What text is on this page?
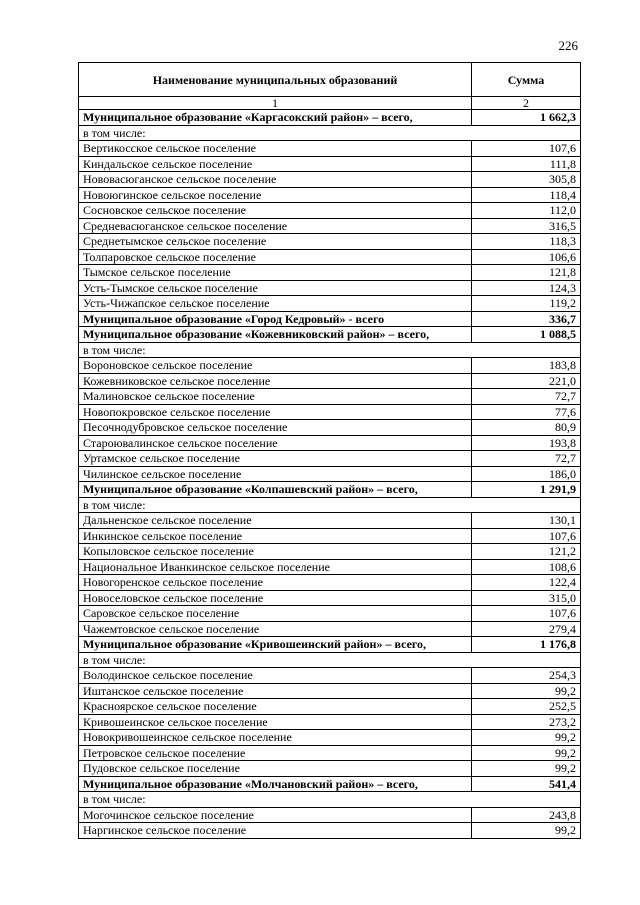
226
Наименование муниципальных образований	Сумма
1	2
Муниципальное образование «Каргасокский район» – всего,	1 662,3
в том числе:	
Вертикосское сельское поселение	107,6
Киндальское сельское поселение	111,8
Нововасюганское сельское поселение	305,8
Новоюгинское сельское поселение	118,4
Сосновское сельское поселение	112,0
Средневасюганское сельское поселение	316,5
Среднетымское сельское поселение	118,3
Толпаровское сельское поселение	106,6
Тымское сельское поселение	121,8
Усть-Тымское сельское поселение	124,3
Усть-Чижапское сельское поселение	119,2
Муниципальное образование «Город Кедровый» - всего	336,7
Муниципальное образование «Кожевниковский район» – всего,	1 088,5
в том числе:	
Вороновское сельское поселение	183,8
Кожевниковское сельское поселение	221,0
Малиновское сельское поселение	72,7
Новопокровское сельское поселение	77,6
Песочнодубровское сельское поселение	80,9
Староювалинское сельское поселение	193,8
Уртамское сельское поселение	72,7
Чилинское сельское поселение	186,0
Муниципальное образование «Колпашевский район» – всего,	1 291,9
в том числе:	
Дальненское сельское поселение	130,1
Инкинское сельское поселение	107,6
Копыловское сельское поселение	121,2
Национальное Иванкинское сельское поселение	108,6
Новогоренское сельское поселение	122,4
Новоселовское сельское поселение	315,0
Саровское сельское поселение	107,6
Чажемтовское сельское поселение	279,4
Муниципальное образование «Кривошеинский район» – всего,	1 176,8
в том числе:	
Володинское сельское поселение	254,3
Иштанское сельское поселение	99,2
Красноярское сельское поселение	252,5
Кривошеинское сельское поселение	273,2
Новокривошеинское сельское поселение	99,2
Петровское сельское поселение	99,2
Пудовское сельское поселение	99,2
Муниципальное образование «Молчановский район» – всего,	541,4
в том числе:	
Могочинское сельское поселение	243,8
Наргинское сельское поселение	99,2
